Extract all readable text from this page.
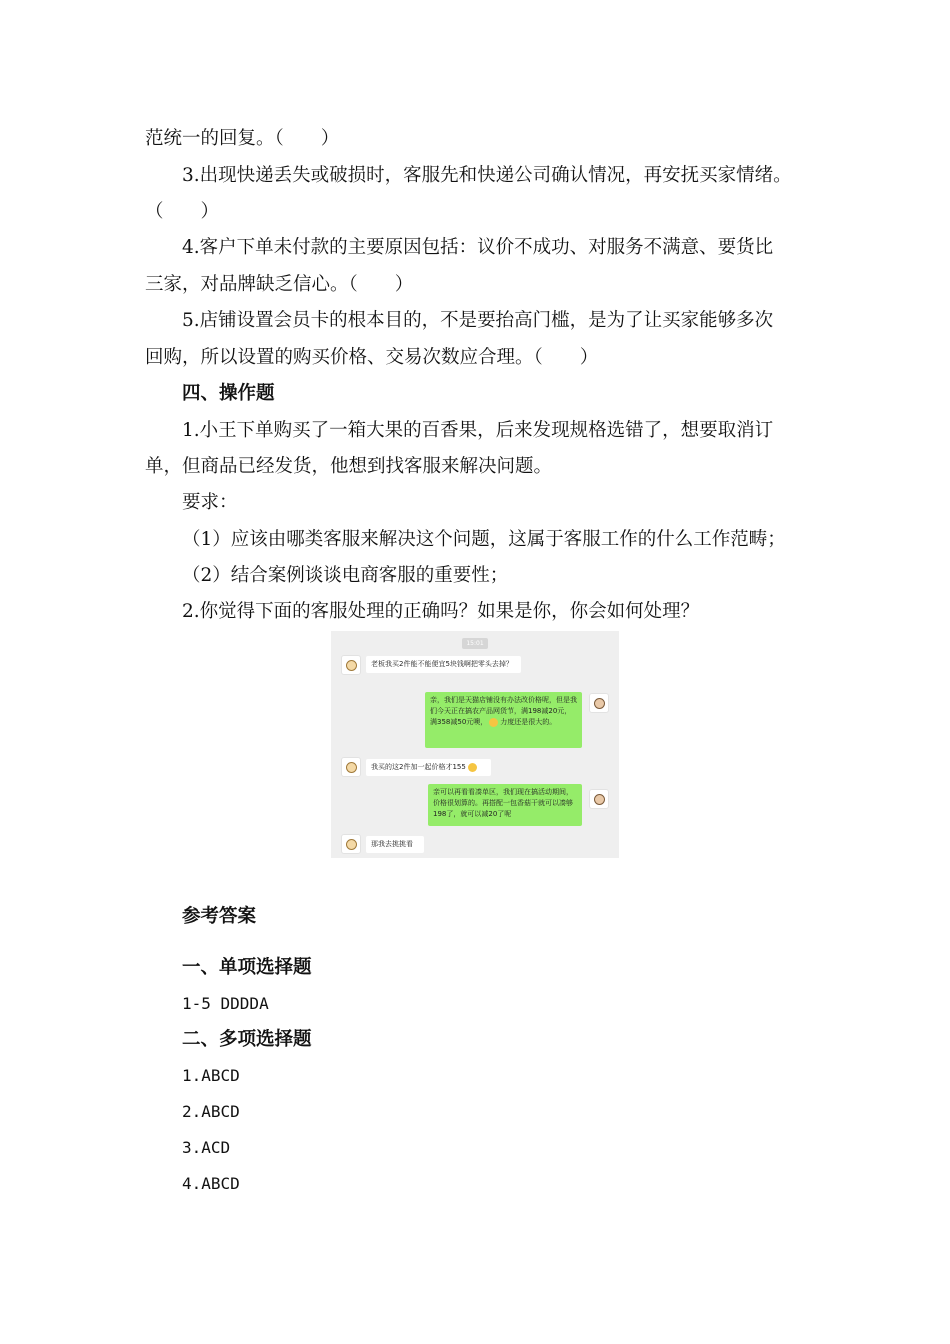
范统一的回复。（　　）
3.出现快递丢失或破损时，客服先和快递公司确认情况，再安抚买家情绪。
（　　）
4.客户下单未付款的主要原因包括：议价不成功、对服务不满意、要货比
三家，对品牌缺乏信心。（　　）
5.店铺设置会员卡的根本目的，不是要抬高门槛，是为了让买家能够多次
回购，所以设置的购买价格、交易次数应合理。（　　）
四、操作题
1.小王下单购买了一箱大果的百香果，后来发现规格选错了，想要取消订
单，但商品已经发货，他想到找客服来解决问题。
要求：
（1）应该由哪类客服来解决这个问题，这属于客服工作的什么工作范畴；
（2）结合案例谈谈电商客服的重要性；
2.你觉得下面的客服处理的正确吗？如果是你，你会如何处理？
15:01
老板我买2件能不能便宜5块钱啊把零头去掉？
亲，我们是天猫店铺没有办法改价格呢，但是我们今天正在搞农产品网货节，满198减20元，满358减50元噢， 力度还是很大的。
我买的这2件加一起价格才155
亲可以再看看凑单区，我们现在搞活动期间，价格很划算的。再搭配一包香菇干就可以凑够198了，就可以减20了呢
那我去挑挑看
参考答案
一、单项选择题
1-5 DDDDA
二、多项选择题
1.ABCD
2.ABCD
3.ACD
4.ABCD
